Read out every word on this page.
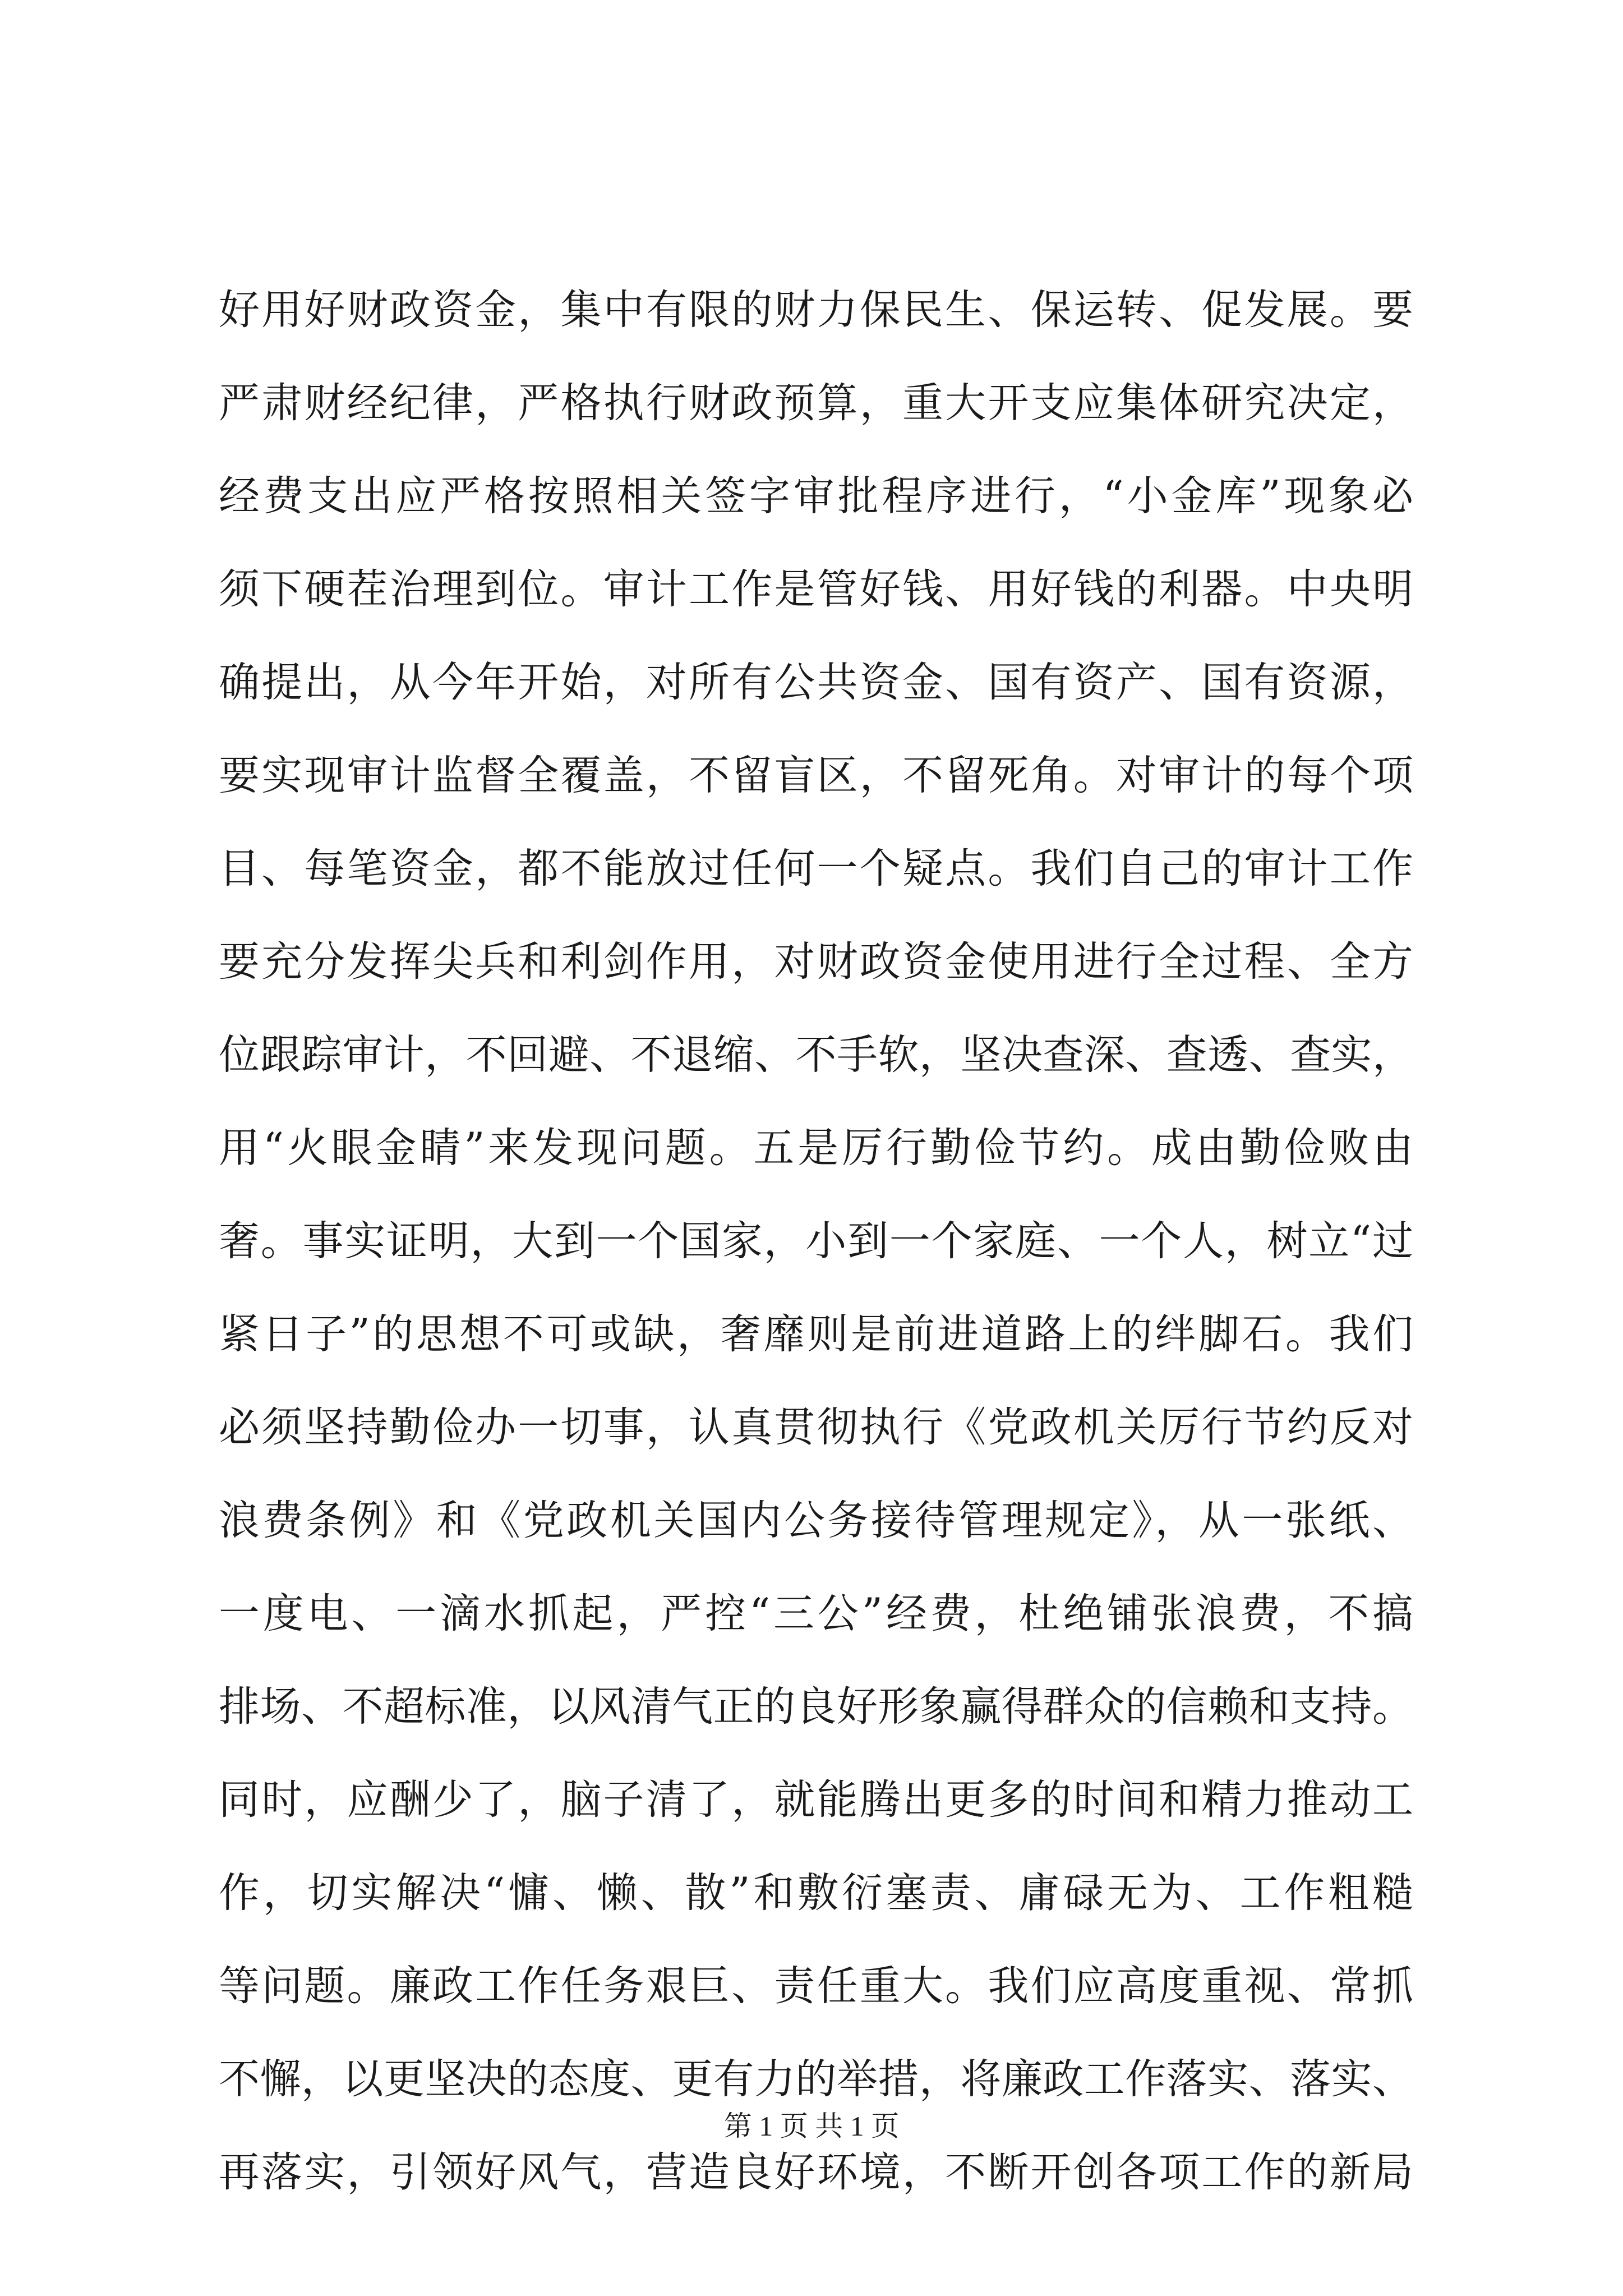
好用好财政资金，集中有限的财力保民生、保运转、促发展。要
严肃财经纪律，严格执行财政预算，重大开支应集体研究决定，
经费支出应严格按照相关签字审批程序进行，“小金库”现象必
须下硬茬治理到位。审计工作是管好钱、用好钱的利器。中央明
确提出，从今年开始，对所有公共资金、国有资产、国有资源，
要实现审计监督全覆盖，不留盲区，不留死角。对审计的每个项
目、每笔资金，都不能放过任何一个疑点。我们自己的审计工作
要充分发挥尖兵和利剑作用，对财政资金使用进行全过程、全方
位跟踪审计，不回避、不退缩、不手软，坚决查深、查透、查实，
用“火眼金睛”来发现问题。五是厉行勤俭节约。成由勤俭败由
奢。事实证明，大到一个国家，小到一个家庭、一个人，树立“过
紧日子”的思想不可或缺，奢靡则是前进道路上的绊脚石。我们
必须坚持勤俭办一切事，认真贯彻执行《党政机关厉行节约反对
浪费条例》和《党政机关国内公务接待管理规定》，从一张纸、
一度电、一滴水抓起，严控“三公”经费，杜绝铺张浪费，不搞
排场、不超标准，以风清气正的良好形象赢得群众的信赖和支持。
同时，应酬少了，脑子清了，就能腾出更多的时间和精力推动工
作，切实解决“慵、懒、散”和敷衍塞责、庸碌无为、工作粗糙
等问题。廉政工作任务艰巨、责任重大。我们应高度重视、常抓
不懈，以更坚决的态度、更有力的举措，将廉政工作落实、落实、
再落实，引领好风气，营造良好环境，不断开创各项工作的新局
第 1 页 共 1 页
